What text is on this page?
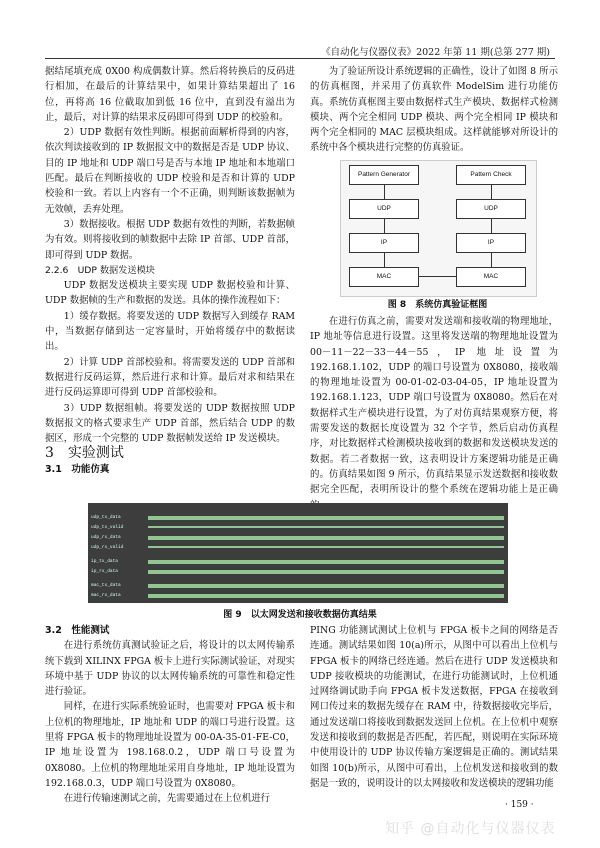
《自动化与仪器仪表》2022 年第 11 期(总第 277 期)

据结尾填充成 0X00 构成偶数计算。然后将转换后的反码进行相加，在最后的计算结果中，如果计算结果超出了 16 位，再将高 16 位截取加到低 16 位中，直到没有溢出为止，最后，对计算的结果求反码即可得到 UDP 的校验和。

2）UDP 数据有效性判断。根据前面解析得到的内容，依次判读接收到的 IP 数据报文中的数据是否是 UDP 协议、目的 IP 地址和 UDP 端口号是否与本地 IP 地址和本地端口匹配。最后在判断接收的 UDP 校验和是否和计算的 UDP 校验和一致。若以上内容有一个不正确，则判断该数据帧为无效帧，丢弃处理。

3）数据接收。根据 UDP 数据有效性的判断，若数据帧为有效。则将接收到的帧数据中去除 IP 首部、UDP 首部，即可得到 UDP 数据。

2.2.6　UDP 数据发送模块

UDP 数据发送模块主要实现 UDP 数据校验和计算、UDP 数据帧的生产和数据的发送。具体的操作流程如下：

1）缓存数据。将要发送的 UDP 数据写入到缓存 RAM 中，当数据存储到达一定容量时，开始将缓存中的数据读出。

2）计算 UDP 首部校验和。将需要发送的 UDP 首部和数据进行反码运算，然后进行求和计算。最后对求和结果在进行反码运算即可得到 UDP 首部校验和。

3）UDP 数据组帧。将要发送的 UDP 数据按照 UDP 数据报文的格式要求生产 UDP 首部，然后结合 UDP 的数据区，形成一个完整的 UDP 数据帧发送给 IP 发送模块。

3　实验测试

3.1　功能仿真

为了验证所设计系统逻辑的正确性，设计了如图 8 所示的仿真框图，并采用了仿真软件 ModelSim 进行功能仿真。系统仿真框图主要由数据样式生产模块、数据样式检测模块、两个完全相同 UDP 模块、两个完全相同 IP 模块和两个完全相同的 MAC 层模块组成。这样就能够对所设计的系统中各个模块进行完整的仿真验证。

Pattern Generator	Pattern Check
UDP	UDP
IP	IP
MAC	MAC
图 8　系统仿真验证框图

在进行仿真之前，需要对发送端和接收端的物理地址，IP 地址等信息进行设置。这里将发送端的物理地址设置为 00－11－22－33－44－55，IP 地址设置为 192.168.1.102，UDP 的端口号设置为 0X8080，接收端的物理地址设置为 00-01-02-03-04-05，IP 地址设置为 192.168.1.123，UDP 端口号设置为 0X8080。然后在对数据样式生产模块进行设置，为了对仿真结果观察方便，将需要发送的数据长度设置为 32 个字节，然后启动仿真程序，对比数据样式检测模块接收到的数据和发送模块发送的数据。若二者数据一致，这表明设计方案逻辑功能是正确的。仿真结果如图 9 所示，仿真结果显示发送数据和接收数据完全匹配，表明所设计的整个系统在逻辑功能上是正确

udp_tx_data
udp_tx_valid
udp_rx_data
udp_rx_valid
ip_tx_data
ip_rx_data
mac_tx_data
mac_rx_data
图 9　以太网发送和接收数据仿真结果

3.2　性能测试

在进行系统仿真测试验证之后，将设计的以太网传输系统下载到 XILINX FPGA 板卡上进行实际测试验证，对现实环境中基于 UDP 协议的以太网传输系统的可靠性和稳定性进行验证。

同样，在进行实际系统验证时，也需要对 FPGA 板卡和上位机的物理地址，IP 地址和 UDP 的端口号进行设置。这里将 FPGA 板卡的物理地址设置为 00-0A-35-01-FE-C0，IP 地址设置为 198.168.0.2，UDP 端口号设置为 0X8080。上位机的物理地址采用自身地址，IP 地址设置为 192.168.0.3，UDP 端口号设置为 0X8080。

在进行传输速测试之前，先需要通过在上位机进行

PING 功能测试测试上位机与 FPGA 板卡之间的网络是否连通。测试结果如图 10(a)所示，从图中可以看出上位机与 FPGA 板卡的网络已经连通。然后在进行 UDP 发送模块和 UDP 接收模块的功能测试，在进行功能测试时，上位机通过网络调试助手向 FPGA 板卡发送数据，FPGA 在接收到网口传过来的数据先缓存在 RAM 中，待数据接收完毕后，通过发送端口将接收到数据发送回上位机。在上位机中观察发送和接收到的数据是否匹配，若匹配，则说明在实际环境中使用设计的 UDP 协议传输方案逻辑是正确的。测试结果如图 10(b)所示，从图中可看出，上位机发送和接收到的数据是一致的，说明设计的以太网接收和发送模块的逻辑功能

· 159 ·
知乎 @自动化与仪器仪表
